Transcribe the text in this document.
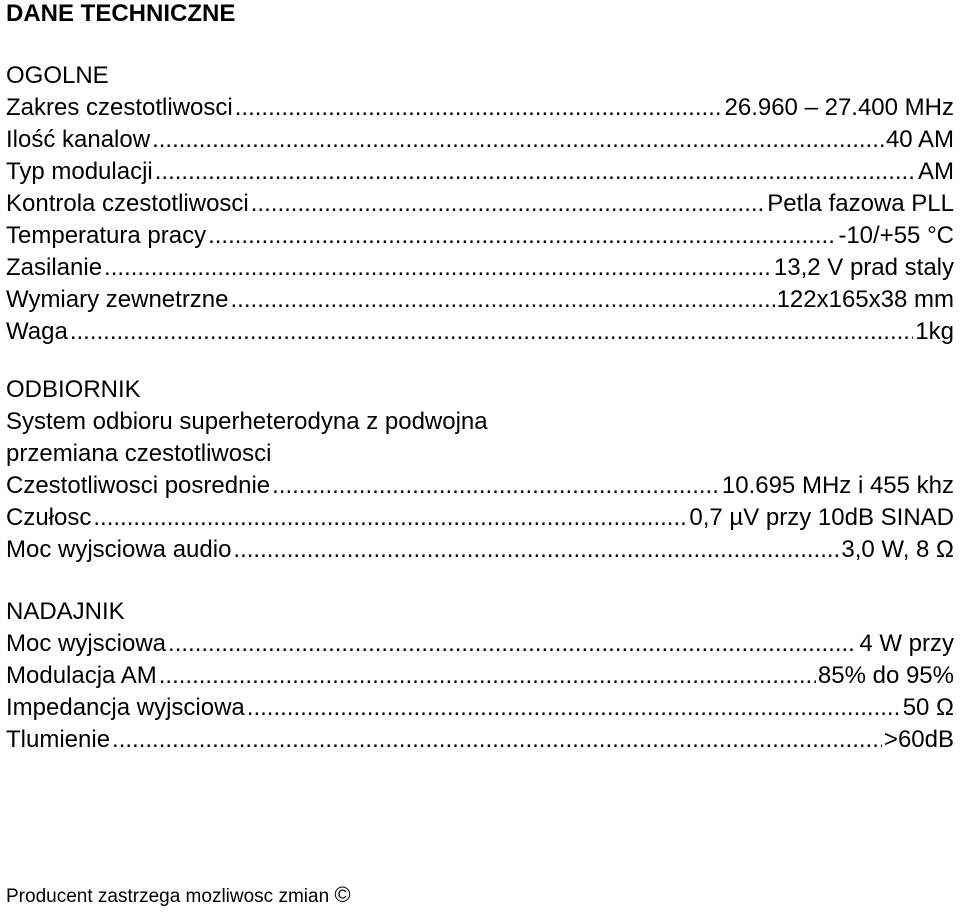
DANE TECHNICZNE
OGOLNE
Zakres czestotliwosci .....	26.960 – 27.400 MHz
Ilość kanalow .....	40 AM
Typ modulacji .....	AM
Kontrola czestotliwosci .....	Petla fazowa PLL
Temperatura pracy .....	-10/+55 °C
Zasilanie .....	13,2 V prad staly
Wymiary zewnetrzne .....	122x165x38 mm
Waga .....	1kg
ODBIORNIK
System odbioru superheterodyna z podwojna
przemiana czestotliwosci
Czestotliwosci posrednie .....	10.695 MHz i 455 khz
Czułosc .....	0,7 µV przy 10dB SINAD
Moc wyjsciowa audio .....	3,0 W, 8 Ω
NADAJNIK
Moc wyjsciowa .....	4 W przy
Modulacja AM .....	85% do 95%
Impedancja wyjsciowa .....	50 Ω
Tlumienie .....	>60dB
Producent zastrzega mozliwosc zmian ©
